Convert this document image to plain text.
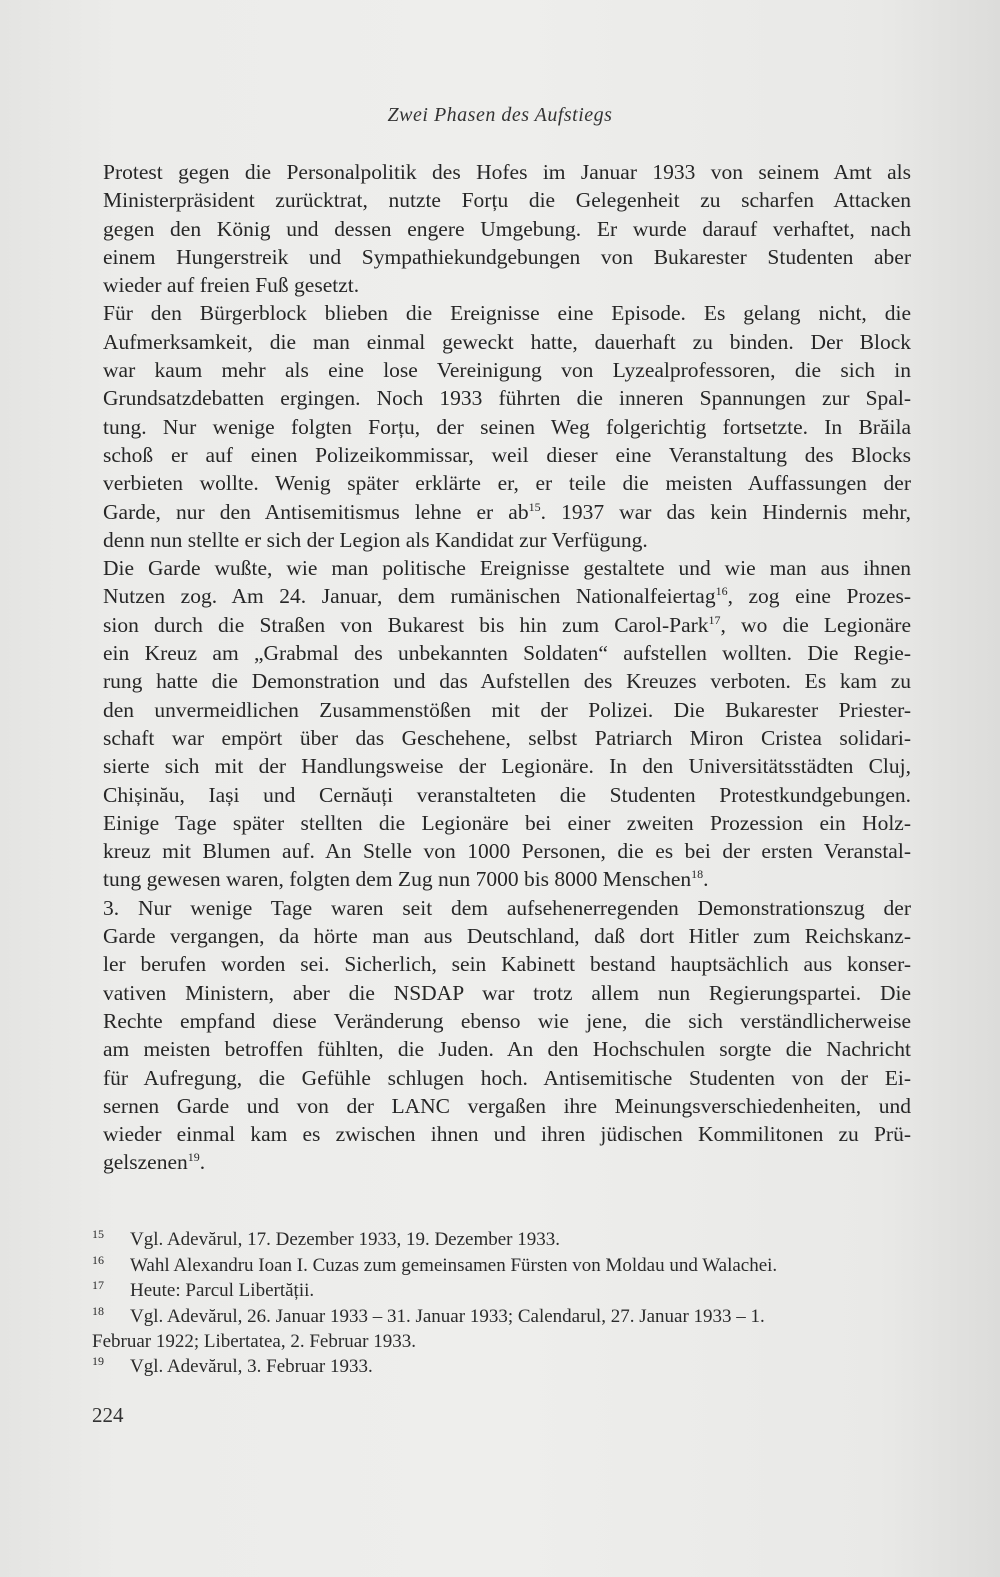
Zwei Phasen des Aufstiegs

Protest gegen die Personalpolitik des Hofes im Januar 1933 von seinem Amt als
Ministerpräsident zurücktrat, nutzte Forțu die Gelegenheit zu scharfen Attacken
gegen den König und dessen engere Umgebung. Er wurde darauf verhaftet, nach
einem Hungerstreik und Sympathiekundgebungen von Bukarester Studenten aber
wieder auf freien Fuß gesetzt.

Für den Bürgerblock blieben die Ereignisse eine Episode. Es gelang nicht, die
Aufmerksamkeit, die man einmal geweckt hatte, dauerhaft zu binden. Der Block
war kaum mehr als eine lose Vereinigung von Lyzealprofessoren, die sich in
Grundsatzdebatten ergingen. Noch 1933 führten die inneren Spannungen zur Spal-
tung. Nur wenige folgten Forțu, der seinen Weg folgerichtig fortsetzte. In Brăila
schoß er auf einen Polizeikommissar, weil dieser eine Veranstaltung des Blocks
verbieten wollte. Wenig später erklärte er, er teile die meisten Auffassungen der
Garde, nur den Antisemitismus lehne er $ab^{15}$. 1937 war das kein Hindernis mehr,
denn nun stellte er sich der Legion als Kandidat zur Verfügung.

Die Garde wußte, wie man politische Ereignisse gestaltete und wie man aus ihnen
Nutzen zog. Am 24. Januar, dem rumänischen Nationalfeiertag$^{16}$, zog eine Prozes-
sion durch die Straßen von Bukarest bis hin zum Carol-Park$^{17}$, wo die Legionäre
ein Kreuz am „Grabmal des unbekannten Soldaten“ aufstellen wollten. Die Regie-
rung hatte die Demonstration und das Aufstellen des Kreuzes verboten. Es kam zu
den unvermeidlichen Zusammenstößen mit der Polizei. Die Bukarester Priester-
schaft war empört über das Geschehene, selbst Patriarch Miron Cristea solidari-
sierte sich mit der Handlungsweise der Legionäre. In den Universitätsstädten Cluj,
Chișinău, Iași und Cernăuți veranstalteten die Studenten Protestkundgebungen.
Einige Tage später stellten die Legionäre bei einer zweiten Prozession ein Holz-
kreuz mit Blumen auf. An Stelle von 1000 Personen, die es bei der ersten Veranstal-
tung gewesen waren, folgten dem Zug nun 7000 bis 8000 Menschen$^{18}$.

3. Nur wenige Tage waren seit dem aufsehenerregenden Demonstrationszug der
Garde vergangen, da hörte man aus Deutschland, daß dort Hitler zum Reichskanz-
ler berufen worden sei. Sicherlich, sein Kabinett bestand hauptsächlich aus konser-
vativen Ministern, aber die NSDAP war trotz allem nun Regierungspartei. Die
Rechte empfand diese Veränderung ebenso wie jene, die sich verständlicherweise
am meisten betroffen fühlten, die Juden. An den Hochschulen sorgte die Nachricht
für Aufregung, die Gefühle schlugen hoch. Antisemitische Studenten von der Ei-
sernen Garde und von der LANC vergaßen ihre Meinungsverschiedenheiten, und
wieder einmal kam es zwischen ihnen und ihren jüdischen Kommilitonen zu Prü-
gelszenen$^{19}$.

15	Vgl. Adevărul, 17. Dezember 1933, 19. Dezember 1933.
16	Wahl Alexandru Ioan I. Cuzas zum gemeinsamen Fürsten von Moldau und Walachei.
17	Heute: Parcul Libertății.
18	Vgl. Adevărul, 26. Januar 1933 – 31. Januar 1933; Calendarul, 27. Januar 1933 – 1.
Februar 1922; Libertatea, 2. Februar 1933.
19	Vgl. Adevărul, 3. Februar 1933.
224
